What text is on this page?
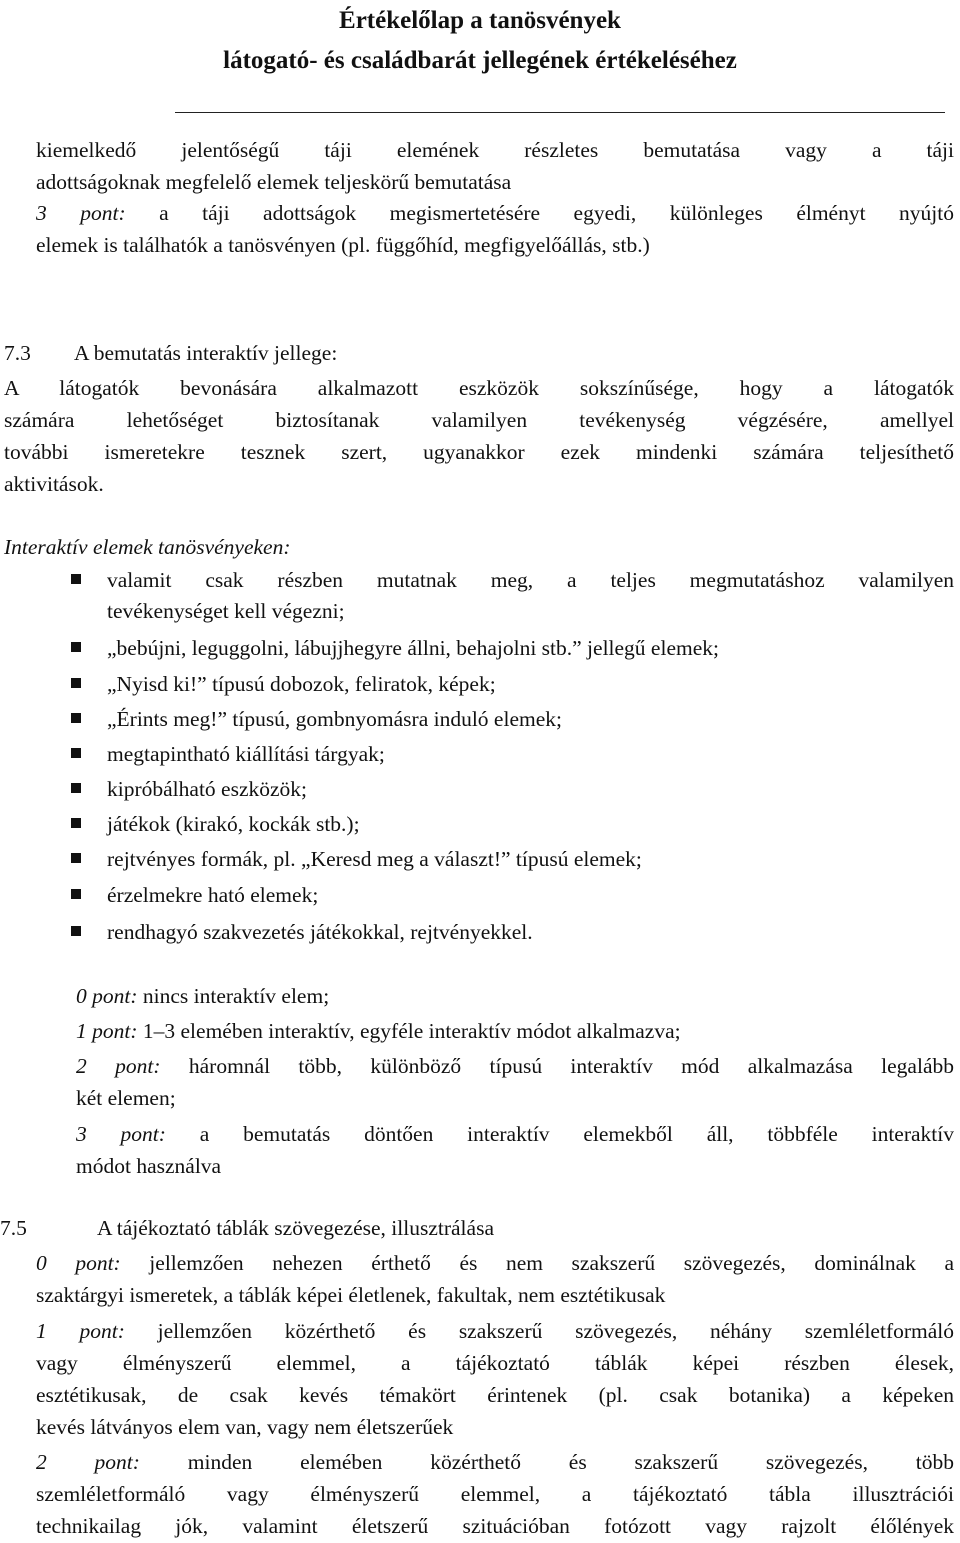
Értékelőlap a tanösvények
látogató- és családbarát jellegének értékeléséhez
kiemelkedő jelentőségű táji elemének részletes bemutatása vagy a táji
adottságoknak megfelelő elemek teljeskörű bemutatása
3 pont: a táji adottságok megismertetésére egyedi, különleges élményt nyújtó
elemek is találhatók a tanösvényen (pl. függőhíd, megfigyelőállás, stb.)
7.3 A bemutatás interaktív jellege:
A látogatók bevonására alkalmazott eszközök sokszínűsége, hogy a látogatók
számára lehetőséget biztosítanak valamilyen tevékenység végzésére, amellyel
további ismeretekre tesznek szert, ugyanakkor ezek mindenki számára teljesíthető
aktivitások.
Interaktív elemek tanösvényeken:
valamit csak részben mutatnak meg, a teljes megmutatáshoz valamilyen
tevékenységet kell végezni;
„bebújni, leguggolni, lábujjhegyre állni, behajolni stb.” jellegű elemek;
„Nyisd ki!” típusú dobozok, feliratok, képek;
„Érints meg!” típusú, gombnyomásra induló elemek;
megtapintható kiállítási tárgyak;
kipróbálható eszközök;
játékok (kirakó, kockák stb.);
rejtvényes formák, pl. „Keresd meg a választ!” típusú elemek;
érzelmekre ható elemek;
rendhagyó szakvezetés játékokkal, rejtvényekkel.
0 pont: nincs interaktív elem;
1 pont: 1–3 elemében interaktív, egyféle interaktív módot alkalmazva;
2 pont: háromnál több, különböző típusú interaktív mód alkalmazása legalább
két elemen;
3 pont: a bemutatás döntően interaktív elemekből áll, többféle interaktív
módot használva
7.5	A tájékoztató táblák szövegezése, illusztrálása
0 pont: jellemzően nehezen érthető és nem szakszerű szövegezés, dominálnak a
szaktárgyi ismeretek, a táblák képei életlenek, fakultak, nem esztétikusak
1 pont: jellemzően közérthető és szakszerű szövegezés, néhány szemléletformáló
vagy élményszerű elemmel, a tájékoztató táblák képei részben élesek,
esztétikusak, de csak kevés témakört érintenek (pl. csak botanika) a képeken
kevés látványos elem van, vagy nem életszerűek
2 pont: minden elemében közérthető és szakszerű szövegezés, több
szemléletformáló vagy élményszerű elemmel, a tájékoztató tábla illusztrációi
technikailag jók, valamint életszerű szituációban fotózott vagy rajzolt élőlények
